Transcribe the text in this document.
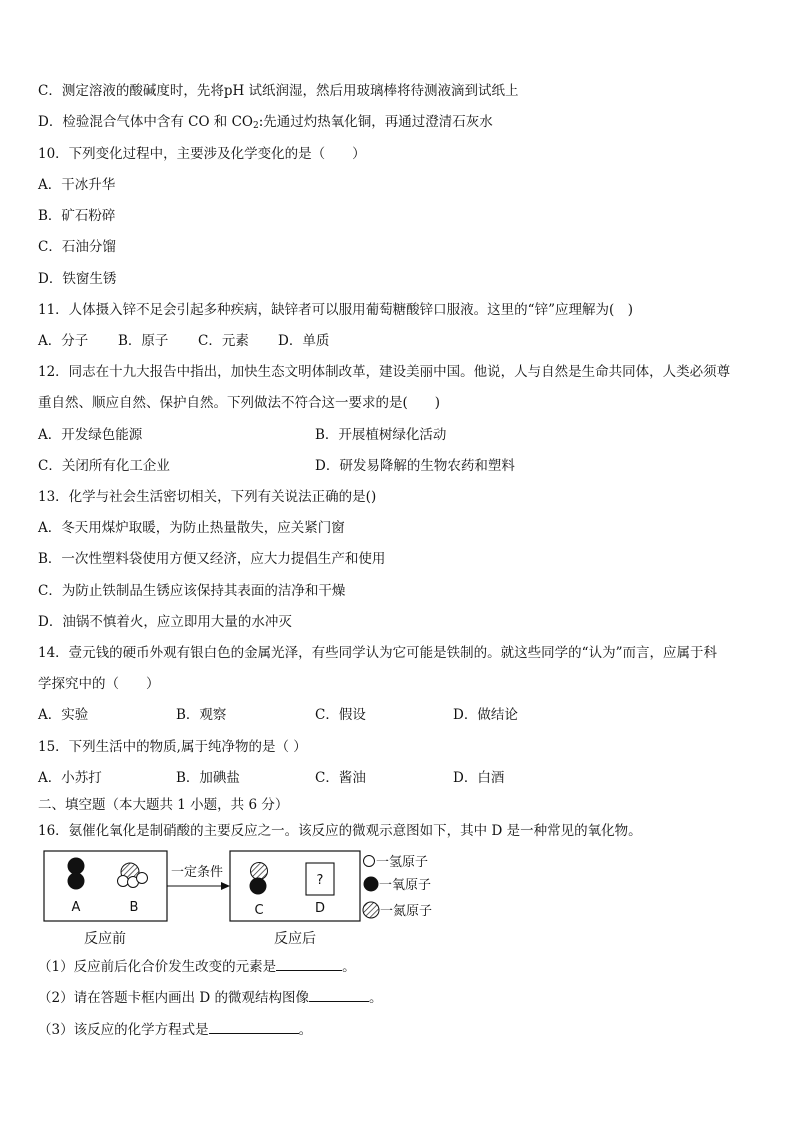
C．测定溶液的酸碱度时，先将pH 试纸润湿，然后用玻璃棒将待测液滴到试纸上
D．检验混合气体中含有 CO 和 $CO_2$:先通过灼热氧化铜，再通过澄清石灰水
10．下列变化过程中，主要涉及化学变化的是（　　）
A．干冰升华
B．矿石粉碎
C．石油分馏
D．铁窗生锈
11．人体摄入锌不足会引起多种疾病，缺锌者可以服用葡萄糖酸锌口服液。这里的“锌”应理解为(　)
A．分子 B．原子 C．元素 D．单质
12．同志在十九大报告中指出，加快生态文明体制改革，建设美丽中国。他说，人与自然是生命共同体，人类必须尊
重自然、顺应自然、保护自然。下列做法不符合这一要求的是(　　)
A．开发绿色能源	B．开展植树绿化活动
C．关闭所有化工企业	D．研发易降解的生物农药和塑料
13．化学与社会生活密切相关，下列有关说法正确的是()
A．冬天用煤炉取暖，为防止热量散失，应关紧门窗
B．一次性塑料袋使用方便又经济，应大力提倡生产和使用
C．为防止铁制品生锈应该保持其表面的洁净和干燥
D．油锅不慎着火，应立即用大量的水冲灭
14．壹元钱的硬币外观有银白色的金属光泽，有些同学认为它可能是铁制的。就这些同学的“认为”而言，应属于科
学探究中的（　　）
A．实验	B．观察	C．假设	D．做结论
15．下列生活中的物质,属于纯净物的是（ ）
A．小苏打	B．加碘盐	C．酱油	D．白酒
二、填空题（本大题共 1 小题，共 6 分）
16．氨催化氧化是制硝酸的主要反应之一。该反应的微观示意图如下，其中 D 是一种常见的氧化物。
A	B
一定条件
?
C	D
反应前	反应后
一氢原子
一氧原子
一氮原子
（1）反应前后化合价发生改变的元素是	。
（2）请在答题卡框内画出 D 的微观结构图像	。
（3）该反应的化学方程式是	。
